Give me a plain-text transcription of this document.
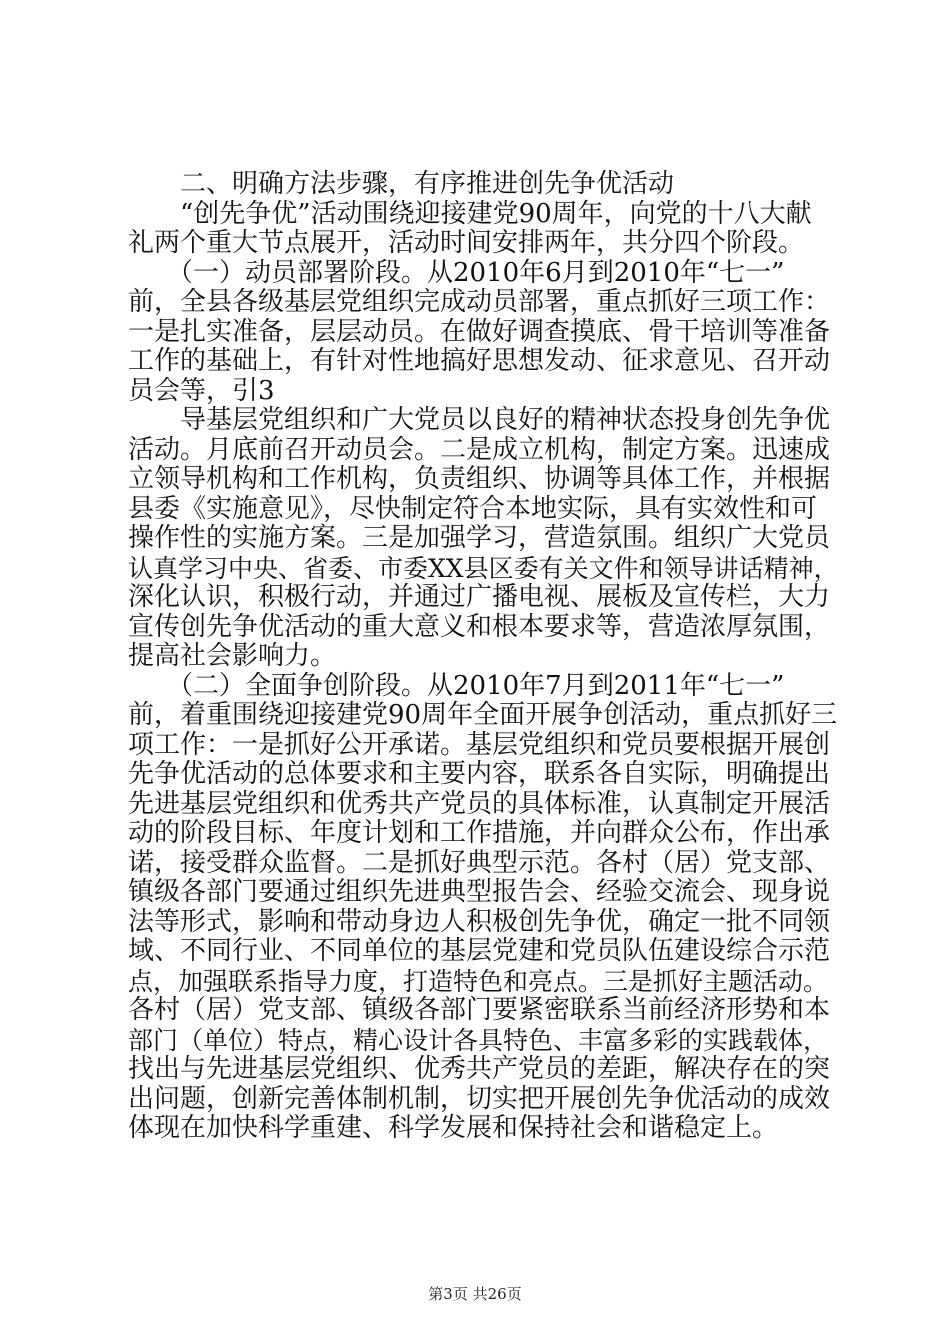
　　二、明确方法步骤，有序推进创先争优活动
　　“创先争优”活动围绕迎接建党90周年，向党的十八大献
礼两个重大节点展开，活动时间安排两年，共分四个阶段。
　　（一）动员部署阶段。从2010年6月到2010年“七一”
前，全县各级基层党组织完成动员部署，重点抓好三项工作：
一是扎实准备，层层动员。在做好调查摸底、骨干培训等准备
工作的基础上，有针对性地搞好思想发动、征求意见、召开动
员会等，引3
　　导基层党组织和广大党员以良好的精神状态投身创先争优
活动。月底前召开动员会。二是成立机构，制定方案。迅速成
立领导机构和工作机构，负责组织、协调等具体工作，并根据
县委《实施意见》，尽快制定符合本地实际，具有实效性和可
操作性的实施方案。三是加强学习，营造氛围。组织广大党员
认真学习中央、省委、市委XX县区委有关文件和领导讲话精神，
深化认识，积极行动，并通过广播电视、展板及宣传栏，大力
宣传创先争优活动的重大意义和根本要求等，营造浓厚氛围，
提高社会影响力。
　　（二）全面争创阶段。从2010年7月到2011年“七一”
前，着重围绕迎接建党90周年全面开展争创活动，重点抓好三
项工作：一是抓好公开承诺。基层党组织和党员要根据开展创
先争优活动的总体要求和主要内容，联系各自实际，明确提出
先进基层党组织和优秀共产党员的具体标准，认真制定开展活
动的阶段目标、年度计划和工作措施，并向群众公布，作出承
诺，接受群众监督。二是抓好典型示范。各村（居）党支部、
镇级各部门要通过组织先进典型报告会、经验交流会、现身说
法等形式，影响和带动身边人积极创先争优，确定一批不同领
域、不同行业、不同单位的基层党建和党员队伍建设综合示范
点，加强联系指导力度，打造特色和亮点。三是抓好主题活动。
各村（居）党支部、镇级各部门要紧密联系当前经济形势和本
部门（单位）特点，精心设计各具特色、丰富多彩的实践载体，
找出与先进基层党组织、优秀共产党员的差距，解决存在的突
出问题，创新完善体制机制，切实把开展创先争优活动的成效
体现在加快科学重建、科学发展和保持社会和谐稳定上。
第3页 共26页
